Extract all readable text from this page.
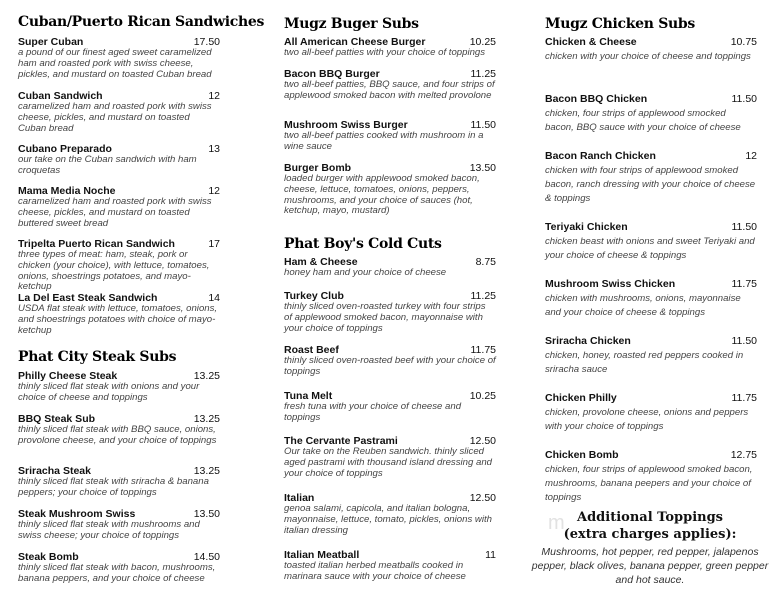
Cuban/Puerto Rican Sandwiches
Super Cuban	17.50
a pound of our finest aged sweet caramelized ham and roasted pork with swiss cheese, pickles, and mustard on toasted Cuban bread
Cuban Sandwich	12
caramelized ham and roasted pork with swiss cheese, pickles, and mustard on toasted Cuban bread
Cubano Preparado	13
our take on the Cuban sandwich with ham croquetas
Mama Media Noche	12
caramelized ham and roasted pork with swiss cheese, pickles, and mustard on toasted buttered sweet bread
Tripelta Puerto Rican Sandwich	17
three types of meat: ham, steak, pork or chicken (your choice), with lettuce, tomatoes, onions, shoestrings potatoes, and mayo-ketchup
La Del East Steak Sandwich	14
USDA flat steak with lettuce, tomatoes, onions, and shoestrings potatoes with choice of mayo-ketchup
Phat City Steak Subs
Philly Cheese Steak	13.25
thinly sliced flat steak with onions and your choice of cheese and toppings
BBQ Steak Sub	13.25
thinly sliced flat steak with BBQ sauce, onions, provolone cheese, and your choice of toppings
Sriracha Steak	13.25
thinly sliced flat steak with sriracha & banana peppers; your choice of toppings
Steak Mushroom Swiss	13.50
thinly sliced flat steak with mushrooms and swiss cheese; your choice of toppings
Steak Bomb	14.50
thinly sliced flat steak with bacon, mushrooms, banana peppers, and your choice of cheese
Mugz Buger Subs
All American Cheese Burger	10.25
two all-beef patties with your choice of toppings
Bacon BBQ Burger	11.25
two all-beef patties, BBQ sauce, and four strips of applewood smoked bacon with melted provolone
Mushroom Swiss Burger	11.50
two all-beef patties cooked with mushroom in a wine sauce
Burger Bomb	13.50
loaded burger with applewood smoked bacon, cheese, lettuce, tomatoes, onions, peppers, mushrooms, and your choice of sauces (hot, ketchup, mayo, mustard)
Phat Boy's Cold Cuts
Ham & Cheese	8.75
honey ham and your choice of cheese
Turkey Club	11.25
thinly sliced oven-roasted turkey with four strips of applewood smoked bacon, mayonnaise with your choice of toppings
Roast Beef	11.75
thinly sliced oven-roasted beef with your choice of toppings
Tuna Melt	10.25
fresh tuna with your choice of cheese and toppings
The Cervante Pastrami	12.50
Our take on the Reuben sandwich. thinly sliced aged pastrami with thousand island dressing and your choice of toppings
Italian	12.50
genoa salami, capicola, and italian bologna, mayonnaise, lettuce, tomato, pickles, onions with italian dressing
Italian Meatball	11
toasted italian herbed meatballs cooked in marinara sauce with your choice of cheese
Mugz Chicken Subs
Chicken & Cheese	10.75
chicken with your choice of cheese and toppings
Bacon BBQ Chicken	11.50
chicken, four strips of applewood smocked bacon, BBQ sauce with your choice of cheese
Bacon Ranch Chicken	12
chicken with four strips of applewood smoked bacon, ranch dressing with your choice of cheese & toppings
Teriyaki Chicken	11.50
chicken beast with onions and sweet Teriyaki and your choice of cheese & toppings
Mushroom Swiss Chicken	11.75
chicken with mushrooms, onions, mayonnaise and your choice of cheese & toppings
Sriracha Chicken	11.50
chicken, honey, roasted red peppers cooked in sriracha sauce
Chicken Philly	11.75
chicken, provolone cheese, onions and peppers with your choice of toppings
Chicken Bomb	12.75
chicken, four strips of applewood smoked bacon, mushrooms, banana peepers and your choice of toppings
m Additional Toppings
(extra charges applies):
Mushrooms, hot pepper, red pepper, jalapenos pepper, black olives, banana pepper, green pepper and hot sauce.
